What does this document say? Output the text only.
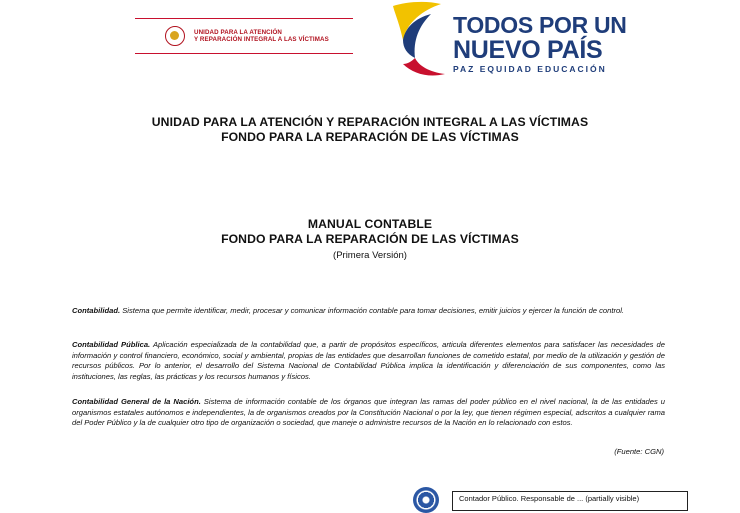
UNIDAD PARA LA ATENCIÓN
Y REPARACIÓN INTEGRAL A LAS VÍCTIMAS
TODOS POR UN
NUEVO PAÍS
PAZ EQUIDAD EDUCACIÓN
UNIDAD PARA LA ATENCIÓN Y REPARACIÓN INTEGRAL A LAS VÍCTIMAS
FONDO PARA LA REPARACIÓN DE LAS VÍCTIMAS
MANUAL CONTABLE
FONDO PARA LA REPARACIÓN DE LAS VÍCTIMAS
(Primera Versión)
Contabilidad. Sistema que permite identificar, medir, procesar y comunicar información contable para tomar decisiones, emitir juicios y ejercer la función de control.
Contabilidad Pública. Aplicación especializada de la contabilidad que, a partir de propósitos específicos, articula diferentes elementos para satisfacer las necesidades de información y control financiero, económico, social y ambiental, propias de las entidades que desarrollan funciones de cometido estatal, por medio de la utilización y gestión de recursos públicos. Por lo anterior, el desarrollo del Sistema Nacional de Contabilidad Pública implica la identificación y diferenciación de sus componentes, como las instituciones, las reglas, las prácticas y los recursos humanos y físicos.
Contabilidad General de la Nación. Sistema de información contable de los órganos que integran las ramas del poder público en el nivel nacional, la de las entidades u organismos estatales autónomos e independientes, la de organismos creados por la Constitución Nacional o por la ley, que tienen régimen especial, adscritos a cualquier rama del Poder Público y la de cualquier otro tipo de organización o sociedad, que maneje o administre recursos de la Nación en lo relacionado con estos.
(Fuente: CGN)
Contador Público. Responsable de ... (partially visible)
